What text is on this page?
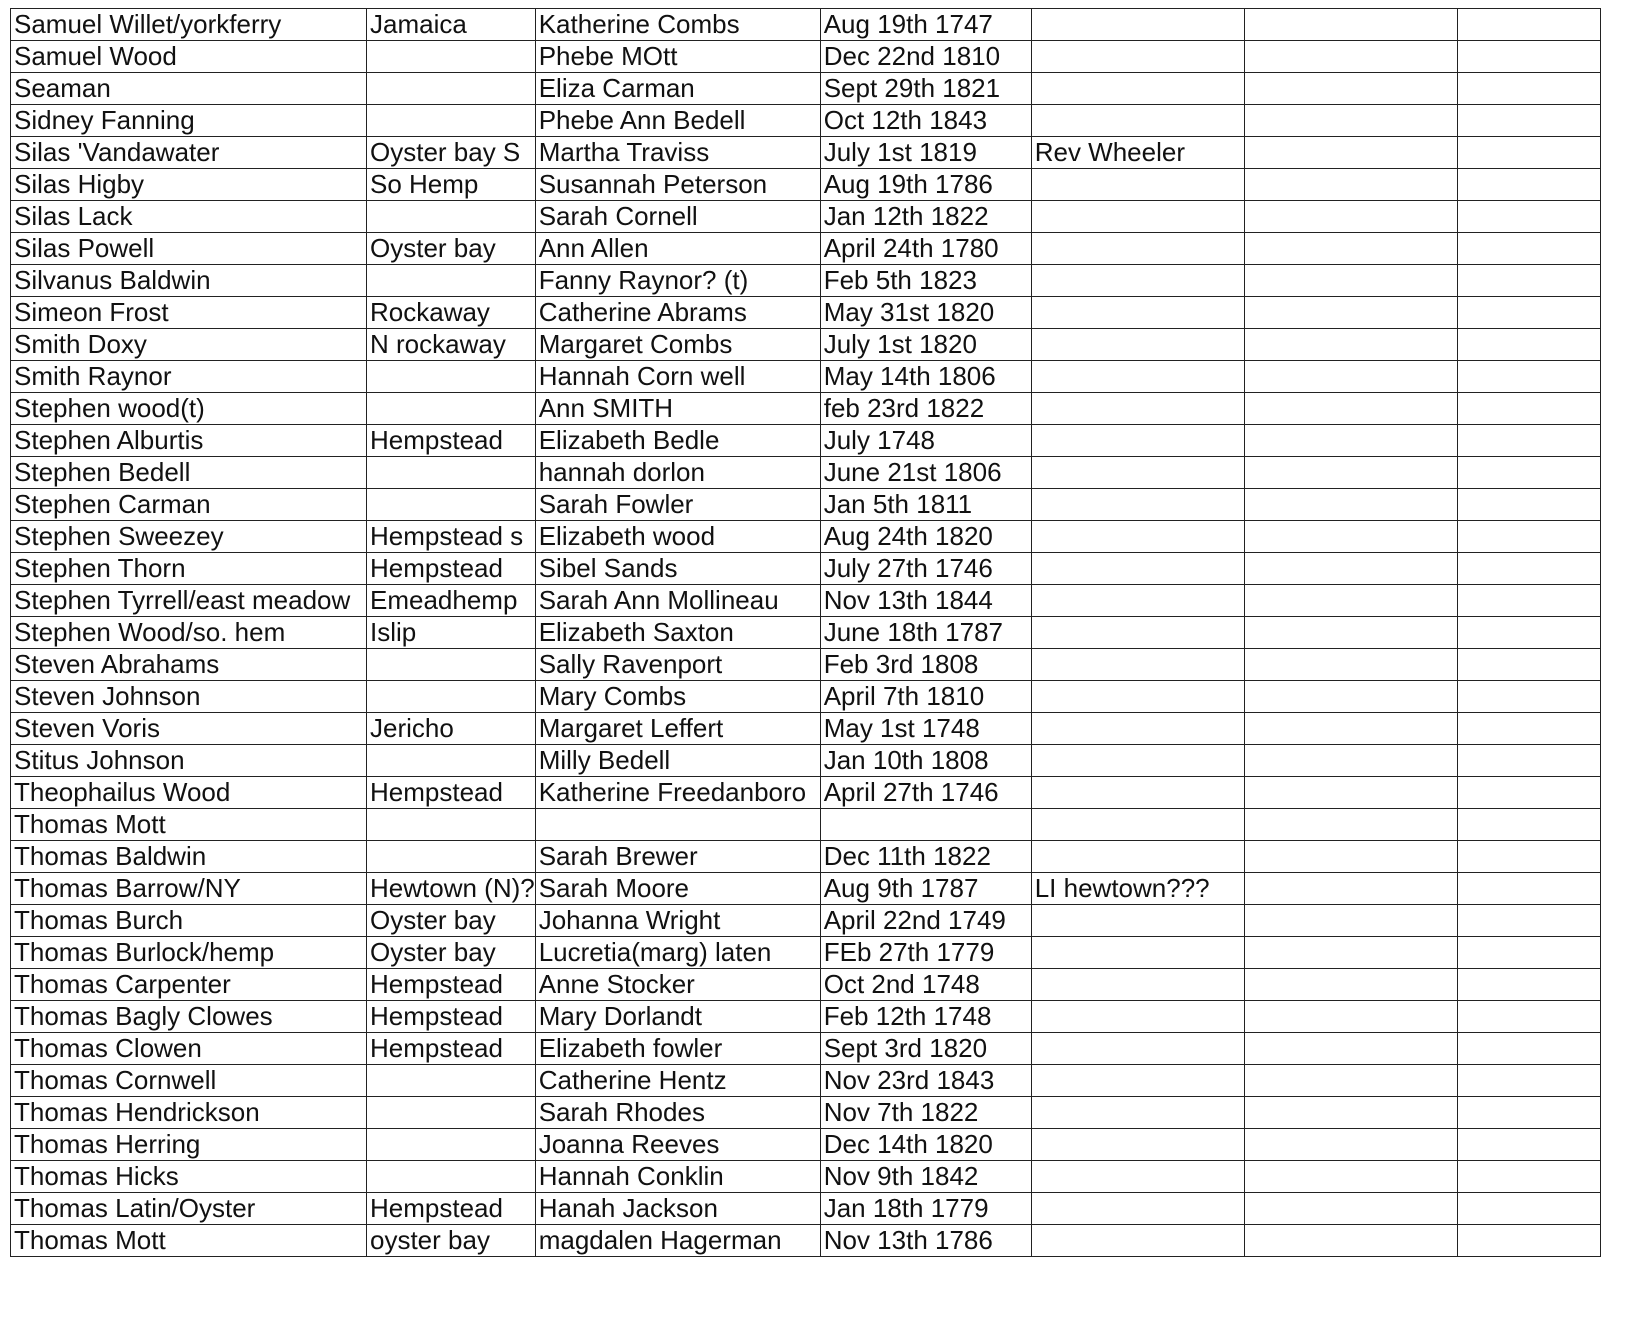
Samuel Willet/yorkferry	Jamaica	Katherine Combs	Aug 19th 1747			
Samuel Wood		Phebe MOtt	Dec 22nd 1810			
Seaman		Eliza Carman	Sept 29th 1821			
Sidney Fanning		Phebe Ann Bedell	Oct 12th 1843			
Silas 'Vandawater	Oyster bay S	Martha Traviss	July 1st 1819	Rev Wheeler		
Silas Higby	So Hemp	Susannah Peterson	Aug 19th 1786			
Silas Lack		Sarah Cornell	Jan 12th 1822			
Silas Powell	Oyster bay	Ann Allen	April 24th 1780			
Silvanus Baldwin		Fanny Raynor? (t)	Feb 5th 1823			
Simeon Frost	Rockaway	Catherine Abrams	May 31st 1820			
Smith Doxy	N rockaway	Margaret Combs	July 1st 1820			
Smith Raynor		Hannah Corn well	May 14th 1806			
Stephen wood(t)		Ann SMITH	feb 23rd 1822			
Stephen Alburtis	Hempstead	Elizabeth Bedle	July 1748			
Stephen Bedell		hannah dorlon	June 21st 1806			
Stephen Carman		Sarah Fowler	Jan 5th 1811			
Stephen Sweezey	Hempstead s	Elizabeth wood	Aug 24th 1820			
Stephen Thorn	Hempstead	Sibel Sands	July 27th 1746			
Stephen Tyrrell/east meadow	Emeadhemp	Sarah Ann Mollineau	Nov 13th 1844			
Stephen Wood/so. hem	Islip	Elizabeth Saxton	June 18th 1787			
Steven Abrahams		Sally Ravenport	Feb 3rd 1808			
Steven Johnson		Mary Combs	April 7th 1810			
Steven Voris	Jericho	Margaret Leffert	May 1st 1748			
Stitus Johnson		Milly Bedell	Jan 10th 1808			
Theophailus Wood	Hempstead	Katherine Freedanboro	April 27th 1746			
Thomas Mott						
Thomas Baldwin		Sarah Brewer	Dec 11th 1822			
Thomas Barrow/NY	Hewtown (N)?	Sarah Moore	Aug 9th 1787	LI hewtown???		
Thomas Burch	Oyster bay	Johanna Wright	April 22nd 1749			
Thomas Burlock/hemp	Oyster bay	Lucretia(marg) laten	FEb 27th 1779			
Thomas Carpenter	Hempstead	Anne Stocker	Oct 2nd 1748			
Thomas Bagly Clowes	Hempstead	Mary Dorlandt	Feb 12th 1748			
Thomas Clowen	Hempstead	Elizabeth fowler	Sept 3rd 1820			
Thomas Cornwell		Catherine Hentz	Nov 23rd 1843			
Thomas Hendrickson		Sarah Rhodes	Nov 7th 1822			
Thomas Herring		Joanna Reeves	Dec 14th 1820			
Thomas Hicks		Hannah Conklin	Nov 9th 1842			
Thomas Latin/Oyster	Hempstead	Hanah Jackson	Jan 18th 1779			
Thomas Mott	oyster bay	magdalen Hagerman	Nov 13th 1786			
